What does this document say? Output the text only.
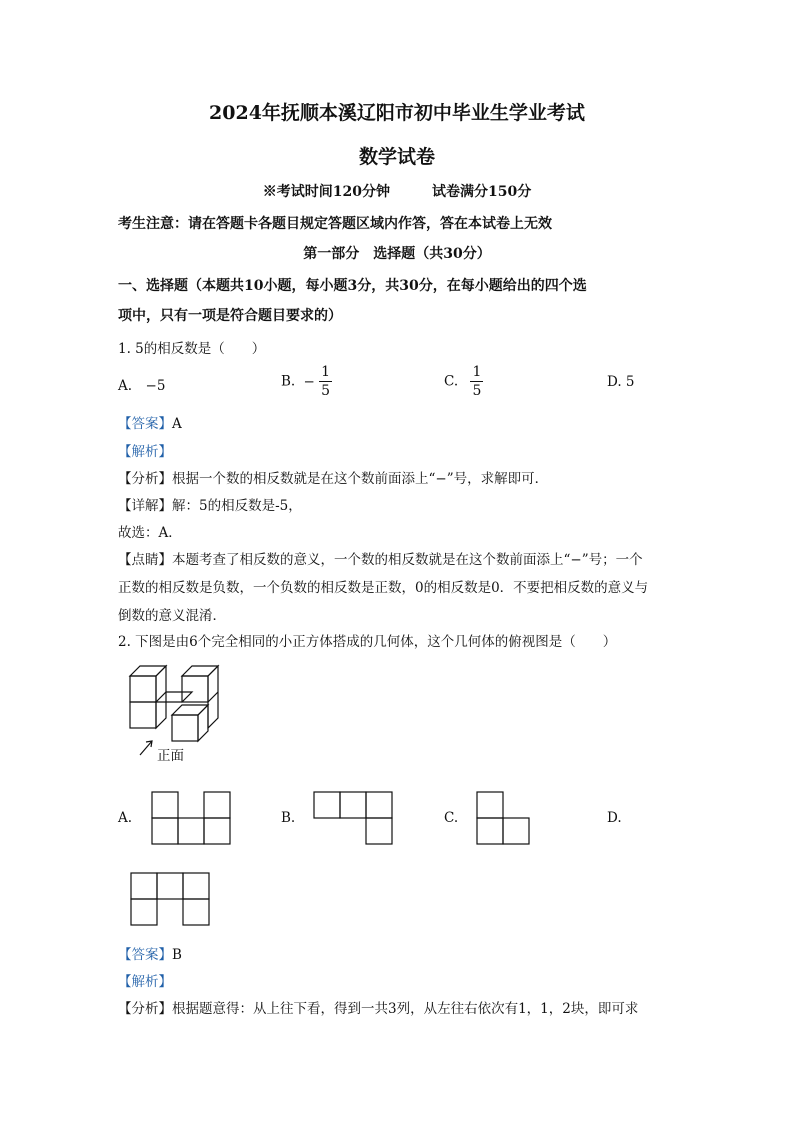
2024年抚顺本溪辽阳市初中毕业生学业考试
数学试卷
※考试时间120分钟　　　试卷满分150分
考生注意：请在答题卡各题目规定答题区域内作答，答在本试卷上无效
第一部分　选择题（共30分）
一、选择题（本题共10小题，每小题3分，共30分，在每小题给出的四个选
项中，只有一项是符合题目要求的）
1. 5的相反数是（　　）
A.　−5	B. − $\frac{1}{5}$	C. $\frac{1}{5}$	D. 5
【答案】A
【解析】
【分析】根据一个数的相反数就是在这个数前面添上“−”号，求解即可．
【详解】解：5的相反数是-5，
故选：A．
【点睛】本题考查了相反数的意义，一个数的相反数就是在这个数前面添上“−”号；一个
正数的相反数是负数，一个负数的相反数是正数，0的相反数是0．不要把相反数的意义与
倒数的意义混淆．
2. 下图是由6个完全相同的小正方体搭成的几何体，这个几何体的俯视图是（　　）
正面
A.	B.	C.	D.
【答案】B
【解析】
【分析】根据题意得：从上往下看，得到一共3列，从左往右依次有1，1，2块，即可求
